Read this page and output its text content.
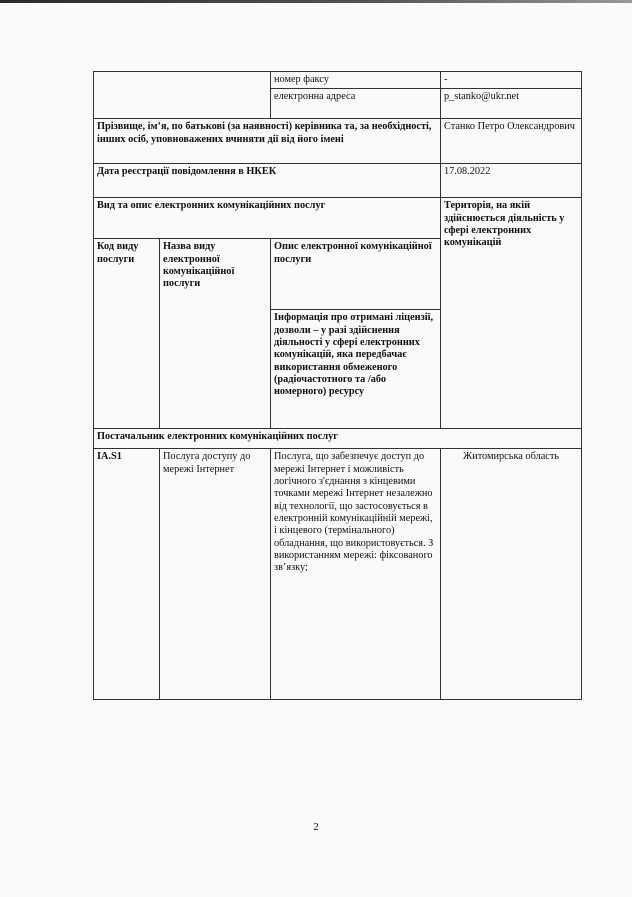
		номер факсу	-
		електронна адреса	p_stanko@ukr.net
Прізвище, ім’я, по батькові (за наявності) керівника та, за необхідності, інших осіб, уповноважених вчиняти дії від його імені			Станко Петро Олександрович
Дата реєстрації повідомлення в НКЕК			17.08.2022
Вид та опис електронних комунікаційних послуг			Територія, на якій здійснюється діяльність у сфері електронних комунікацій
Код виду послуги	Назва виду електронної комунікаційної послуги	Опис електронної комунікаційної послуги	
		Інформація про отримані ліцензії, дозволи – у разі здійснення діяльності у сфері електронних комунікацій, яка передбачає використання обмеженого (радіочастотного та /або номерного) ресурсу	
Постачальник електронних комунікаційних послуг			
IA.S1	Послуга доступу до мережі Інтернет	Послуга, що забезпечує доступ до мережі Інтернет і можливість логічного з'єднання з кінцевими точками мережі Інтернет незалежно від технології, що застосовується в електронній комунікаційній мережі, і кінцевого (термінального) обладнання, що використовується. З використанням мережі: фіксованого зв’язку;	Житомирська область
2
